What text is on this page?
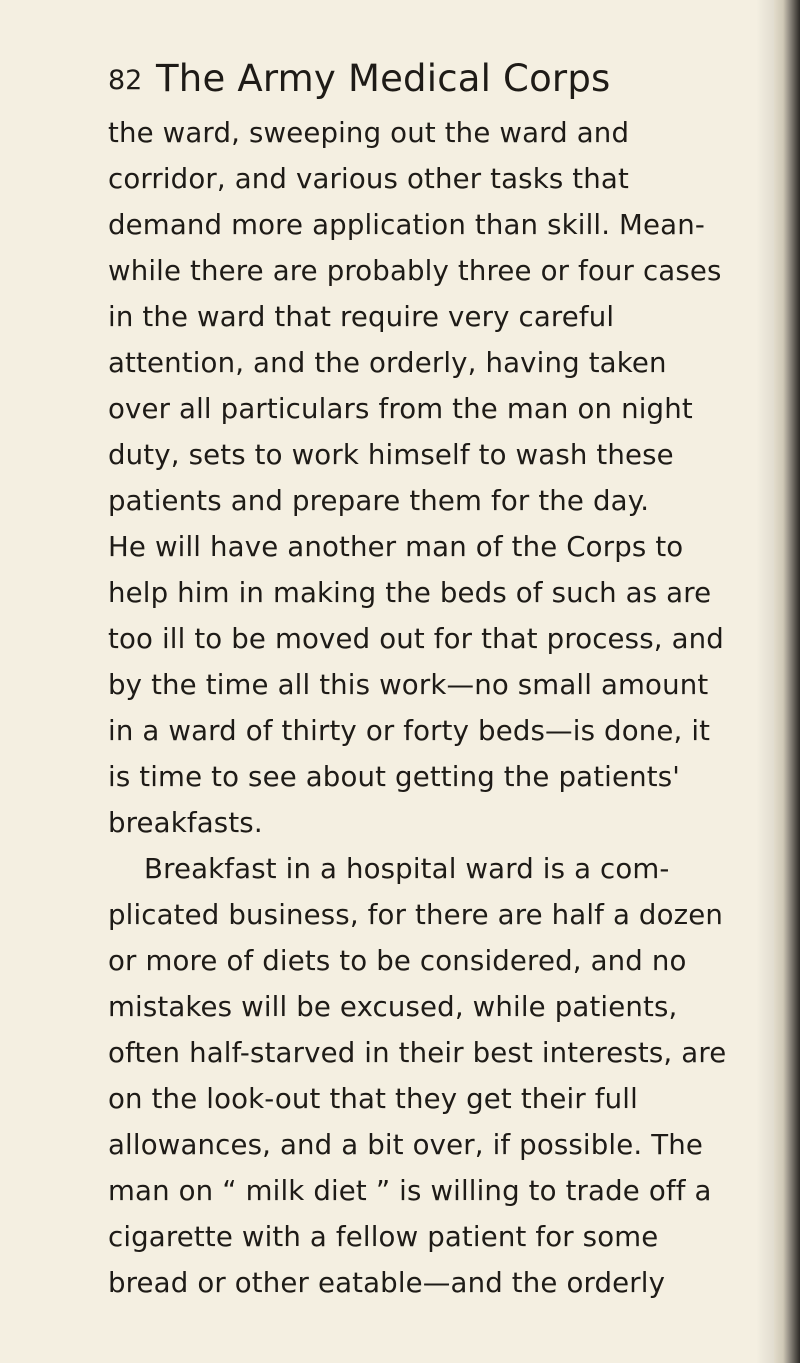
82 The Army Medical Corps
the ward, sweeping out the ward and
corridor, and various other tasks that
demand more application than skill. Mean-
while there are probably three or four cases
in the ward that require very careful
attention, and the orderly, having taken
over all particulars from the man on night
duty, sets to work himself to wash these
patients and prepare them for the day.
He will have another man of the Corps to
help him in making the beds of such as are
too ill to be moved out for that process, and
by the time all this work—no small amount
in a ward of thirty or forty beds—is done, it
is time to see about getting the patients'
breakfasts.
Breakfast in a hospital ward is a com-
plicated business, for there are half a dozen
or more of diets to be considered, and no
mistakes will be excused, while patients,
often half-starved in their best interests, are
on the look-out that they get their full
allowances, and a bit over, if possible. The
man on “ milk diet ” is willing to trade off a
cigarette with a fellow patient for some
bread or other eatable—and the orderly
